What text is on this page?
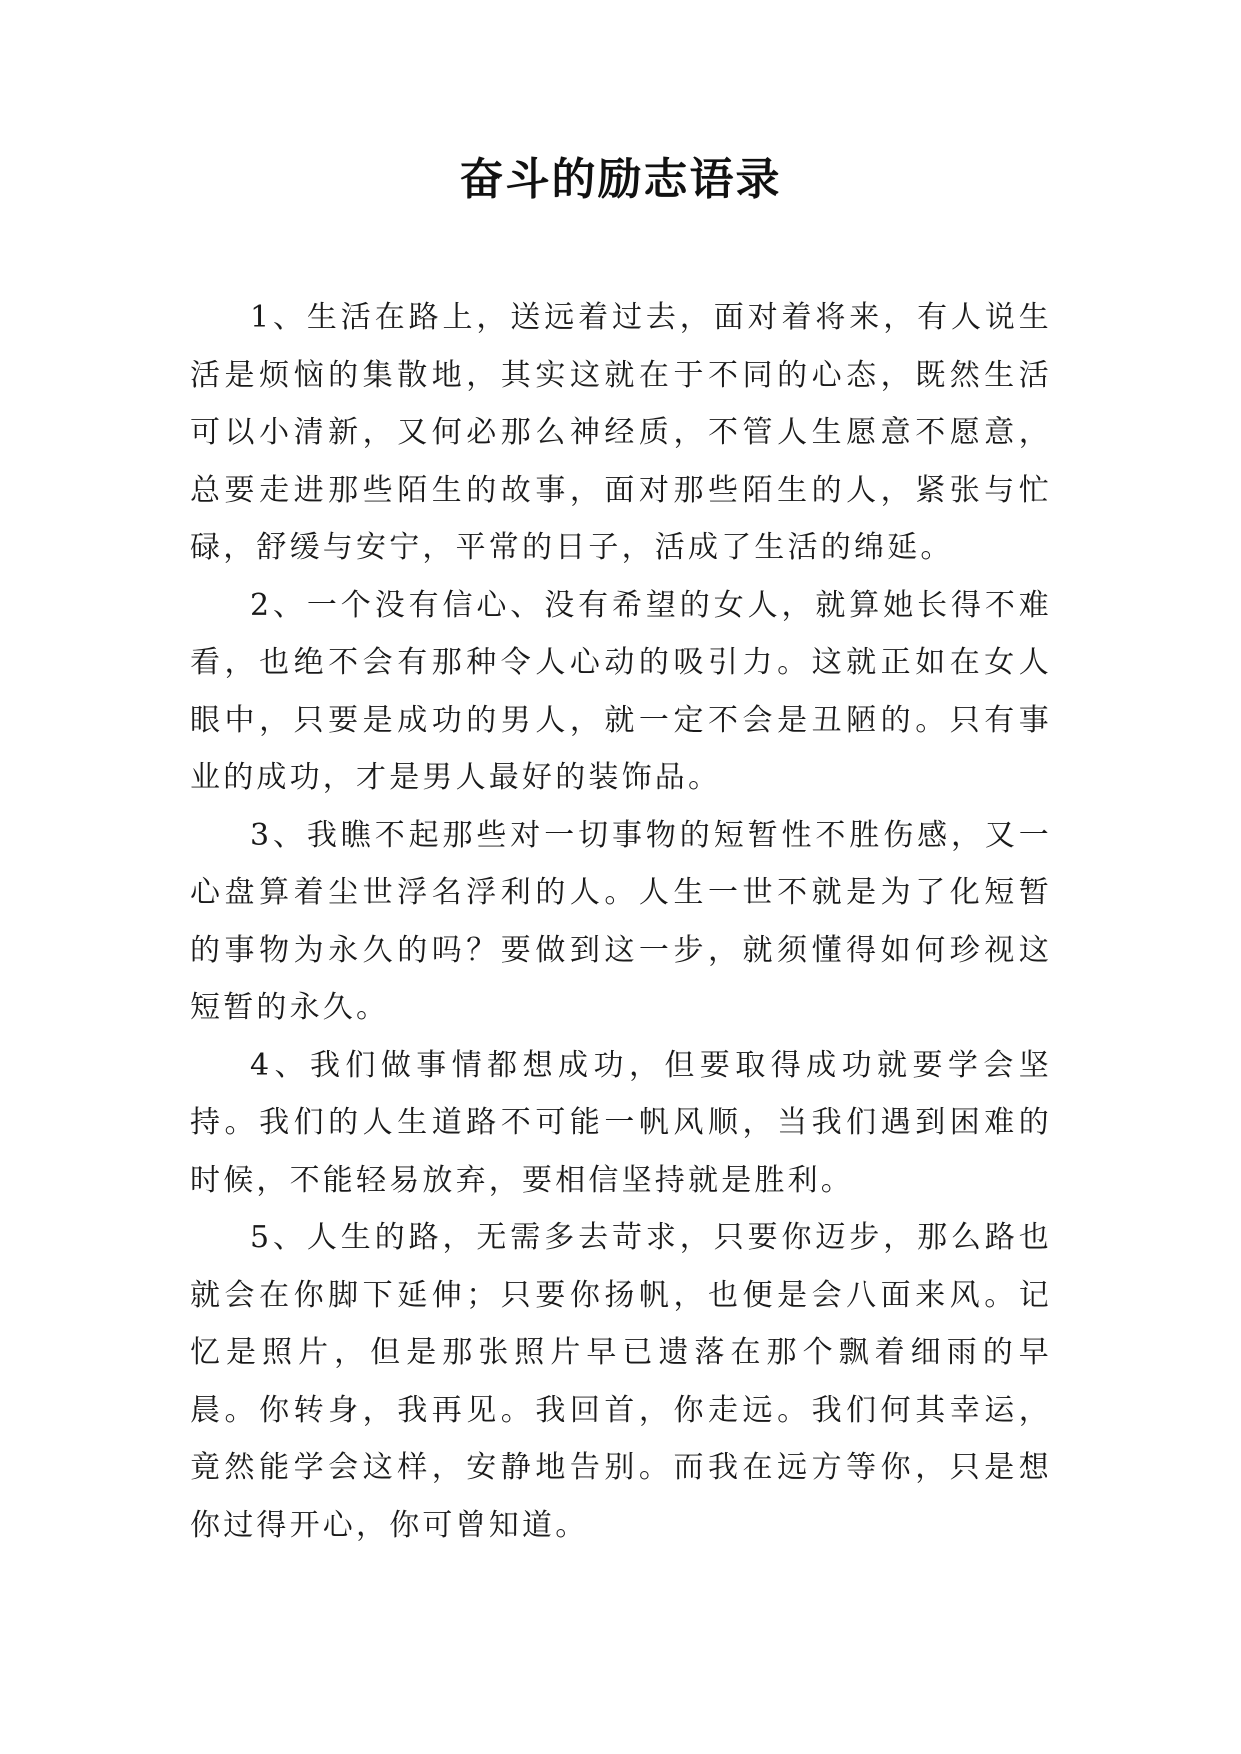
奋斗的励志语录

1、生活在路上，送远着过去，面对着将来，有人说生活是烦恼的集散地，其实这就在于不同的心态，既然生活可以小清新，又何必那么神经质，不管人生愿意不愿意，总要走进那些陌生的故事，面对那些陌生的人，紧张与忙碌，舒缓与安宁，平常的日子，活成了生活的绵延。

2、一个没有信心、没有希望的女人，就算她长得不难看，也绝不会有那种令人心动的吸引力。这就正如在女人眼中，只要是成功的男人，就一定不会是丑陋的。只有事业的成功，才是男人最好的装饰品。

3、我瞧不起那些对一切事物的短暂性不胜伤感，又一心盘算着尘世浮名浮利的人。人生一世不就是为了化短暂的事物为永久的吗？要做到这一步，就须懂得如何珍视这短暂的永久。

4、我们做事情都想成功，但要取得成功就要学会坚持。我们的人生道路不可能一帆风顺，当我们遇到困难的时候，不能轻易放弃，要相信坚持就是胜利。

5、人生的路，无需多去苛求，只要你迈步，那么路也就会在你脚下延伸；只要你扬帆，也便是会八面来风。记忆是照片，但是那张照片早已遗落在那个飘着细雨的早晨。你转身，我再见。我回首，你走远。我们何其幸运，竟然能学会这样，安静地告别。而我在远方等你，只是想你过得开心，你可曾知道。
